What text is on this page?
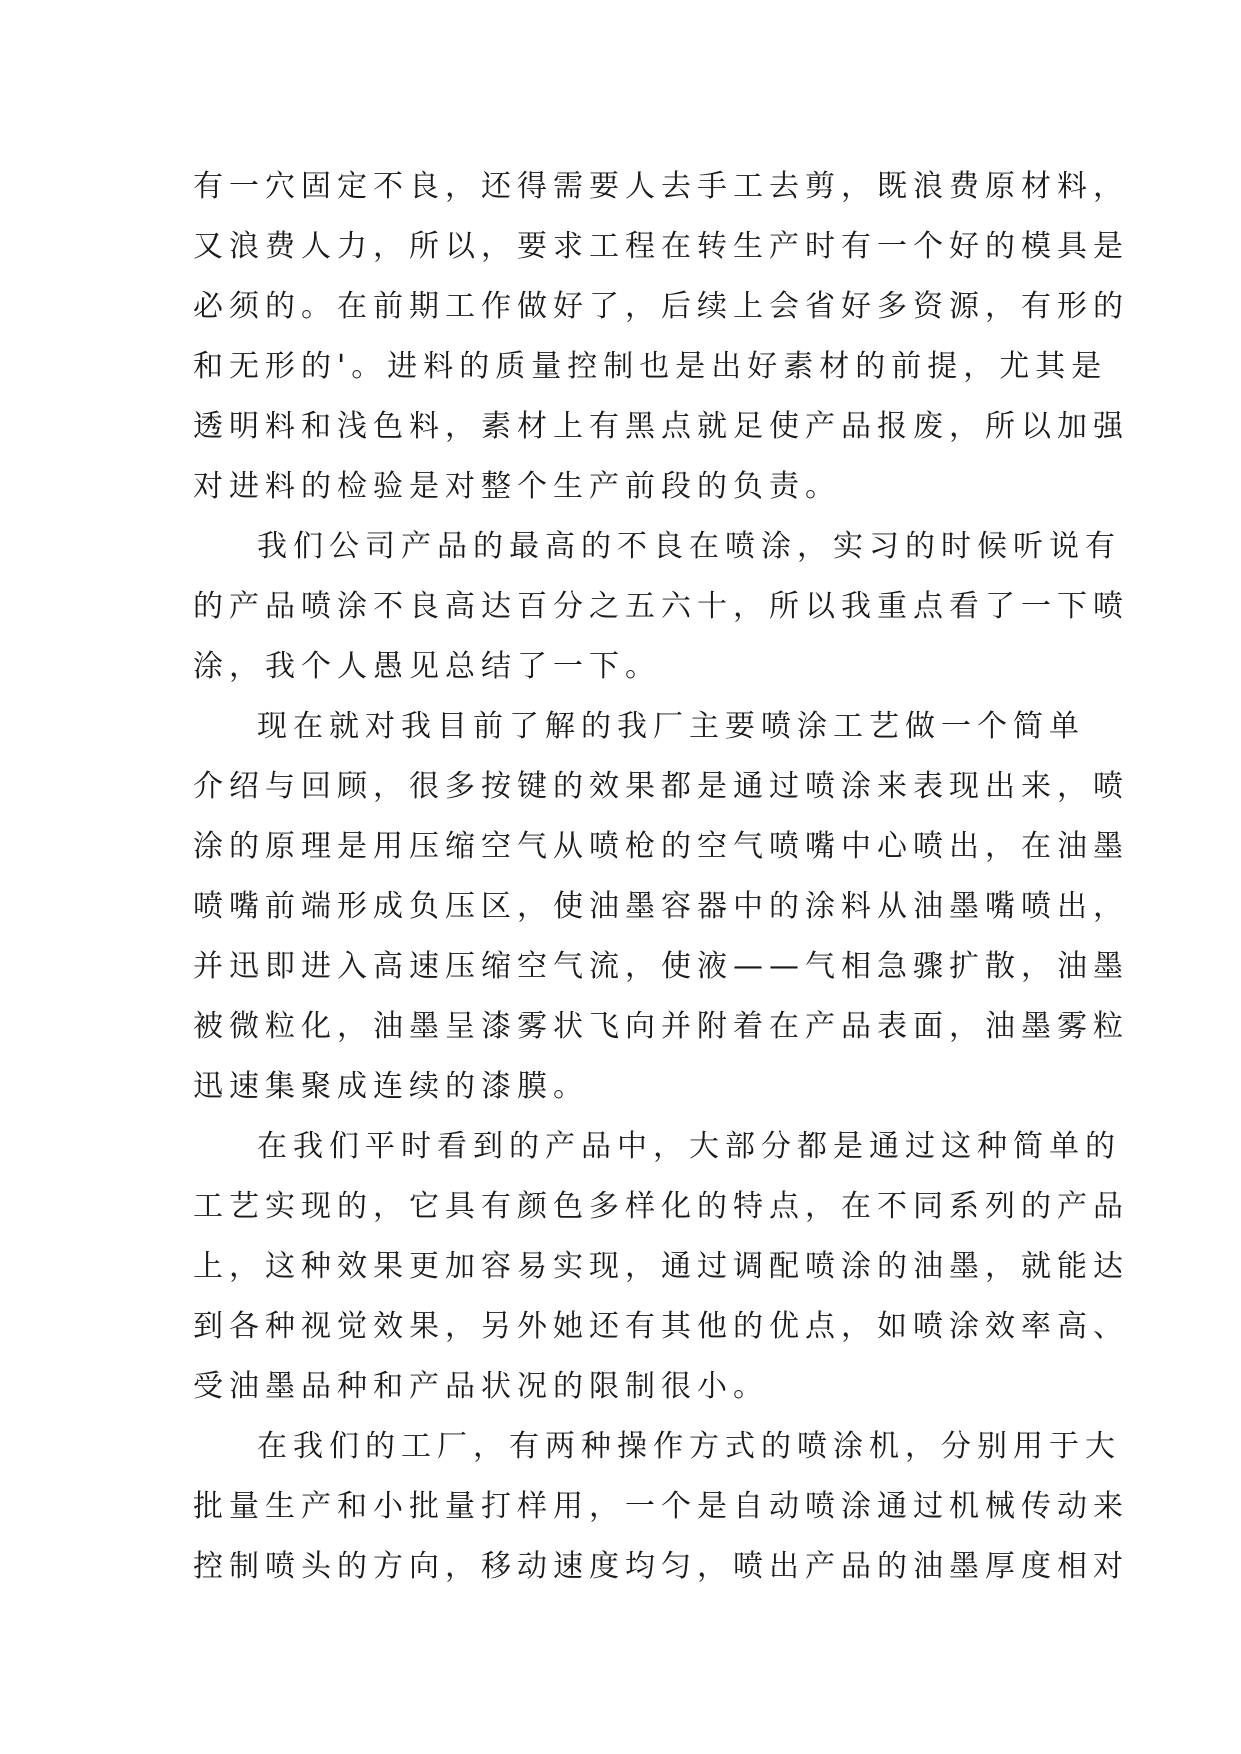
有一穴固定不良，还得需要人去手工去剪，既浪费原材料，
又浪费人力，所以，要求工程在转生产时有一个好的模具是
必须的。在前期工作做好了，后续上会省好多资源，有形的
和无形的'。进料的质量控制也是出好素材的前提，尤其是
透明料和浅色料，素材上有黑点就足使产品报废，所以加强
对进料的检验是对整个生产前段的负责。
我们公司产品的最高的不良在喷涂，实习的时候听说有
的产品喷涂不良高达百分之五六十，所以我重点看了一下喷
涂，我个人愚见总结了一下。
现在就对我目前了解的我厂主要喷涂工艺做一个简单
介绍与回顾，很多按键的效果都是通过喷涂来表现出来，喷
涂的原理是用压缩空气从喷枪的空气喷嘴中心喷出，在油墨
喷嘴前端形成负压区，使油墨容器中的涂料从油墨嘴喷出，
并迅即进入高速压缩空气流，使液——气相急骤扩散，油墨
被微粒化，油墨呈漆雾状飞向并附着在产品表面，油墨雾粒
迅速集聚成连续的漆膜。
在我们平时看到的产品中，大部分都是通过这种简单的
工艺实现的，它具有颜色多样化的特点，在不同系列的产品
上，这种效果更加容易实现，通过调配喷涂的油墨，就能达
到各种视觉效果，另外她还有其他的优点，如喷涂效率高、
受油墨品种和产品状况的限制很小。
在我们的工厂，有两种操作方式的喷涂机，分别用于大
批量生产和小批量打样用，一个是自动喷涂通过机械传动来
控制喷头的方向，移动速度均匀，喷出产品的油墨厚度相对
